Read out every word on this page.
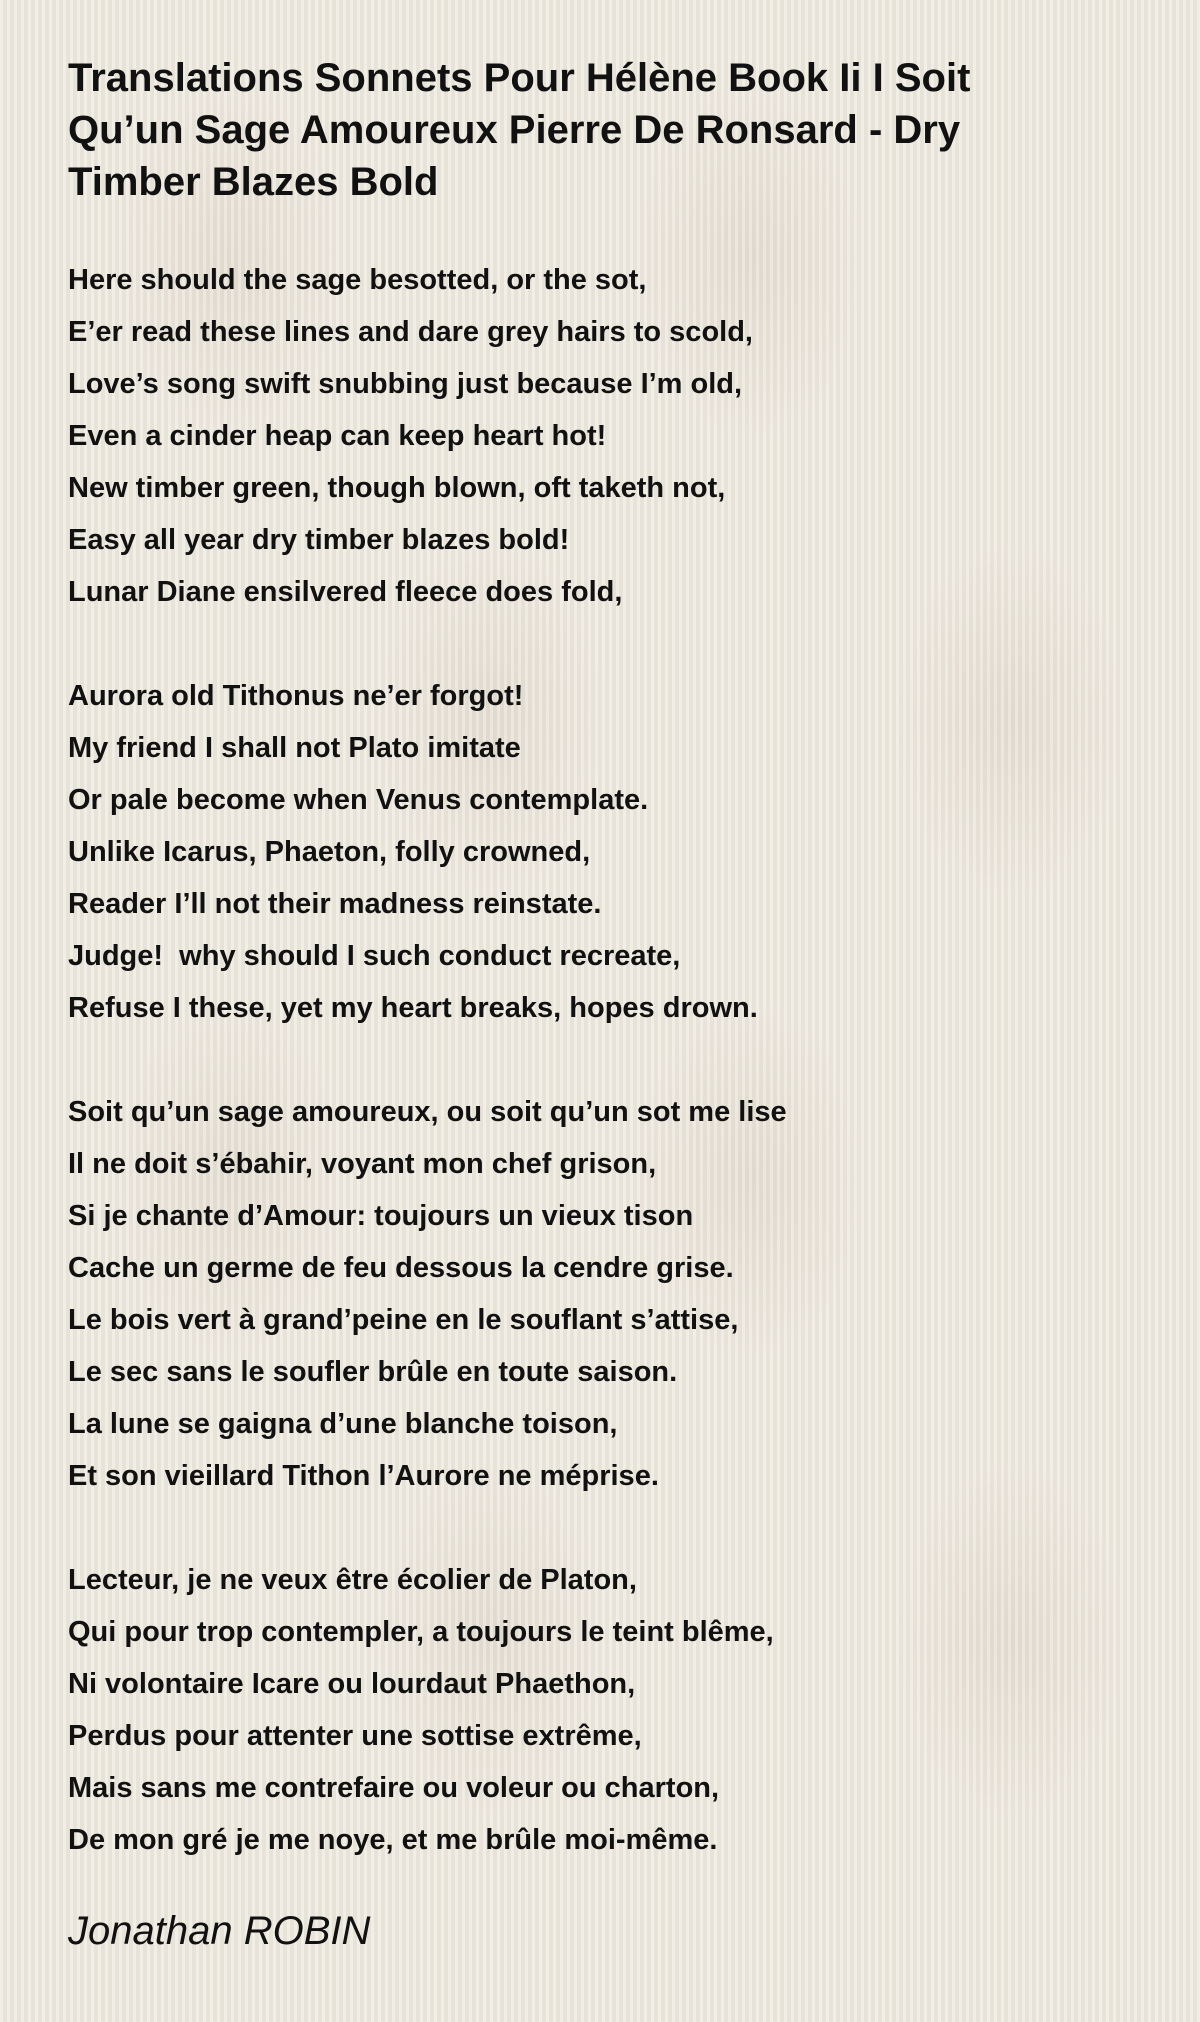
Translations Sonnets Pour Hélène Book Ii I Soit Qu’un Sage Amoureux Pierre De Ronsard - Dry Timber Blazes Bold
Here should the sage besotted, or the sot,
E’er read these lines and dare grey hairs to scold,
Love’s song swift snubbing just because I’m old,
Even a cinder heap can keep heart hot!
New timber green, though blown, oft taketh not,
Easy all year dry timber blazes bold!
Lunar Diane ensilvered fleece does fold,
Aurora old Tithonus ne’er forgot!
My friend I shall not Plato imitate
Or pale become when Venus contemplate.
Unlike Icarus, Phaeton, folly crowned,
Reader I’ll not their madness reinstate.
Judge!  why should I such conduct recreate,
Refuse I these, yet my heart breaks, hopes drown.
Soit qu’un sage amoureux, ou soit qu’un sot me lise
Il ne doit s’ébahir, voyant mon chef grison,
Si je chante d’Amour: toujours un vieux tison
Cache un germe de feu dessous la cendre grise.
Le bois vert à grand’peine en le souflant s’attise,
Le sec sans le soufler brûle en toute saison.
La lune se gaigna d’une blanche toison,
Et son vieillard Tithon l’Aurore ne méprise.
Lecteur, je ne veux être écolier de Platon,
Qui pour trop contempler, a toujours le teint blême,
Ni volontaire Icare ou lourdaut Phaethon,
Perdus pour attenter une sottise extrême,
Mais sans me contrefaire ou voleur ou charton,
De mon gré je me noye, et me brûle moi-même.
Jonathan ROBIN
